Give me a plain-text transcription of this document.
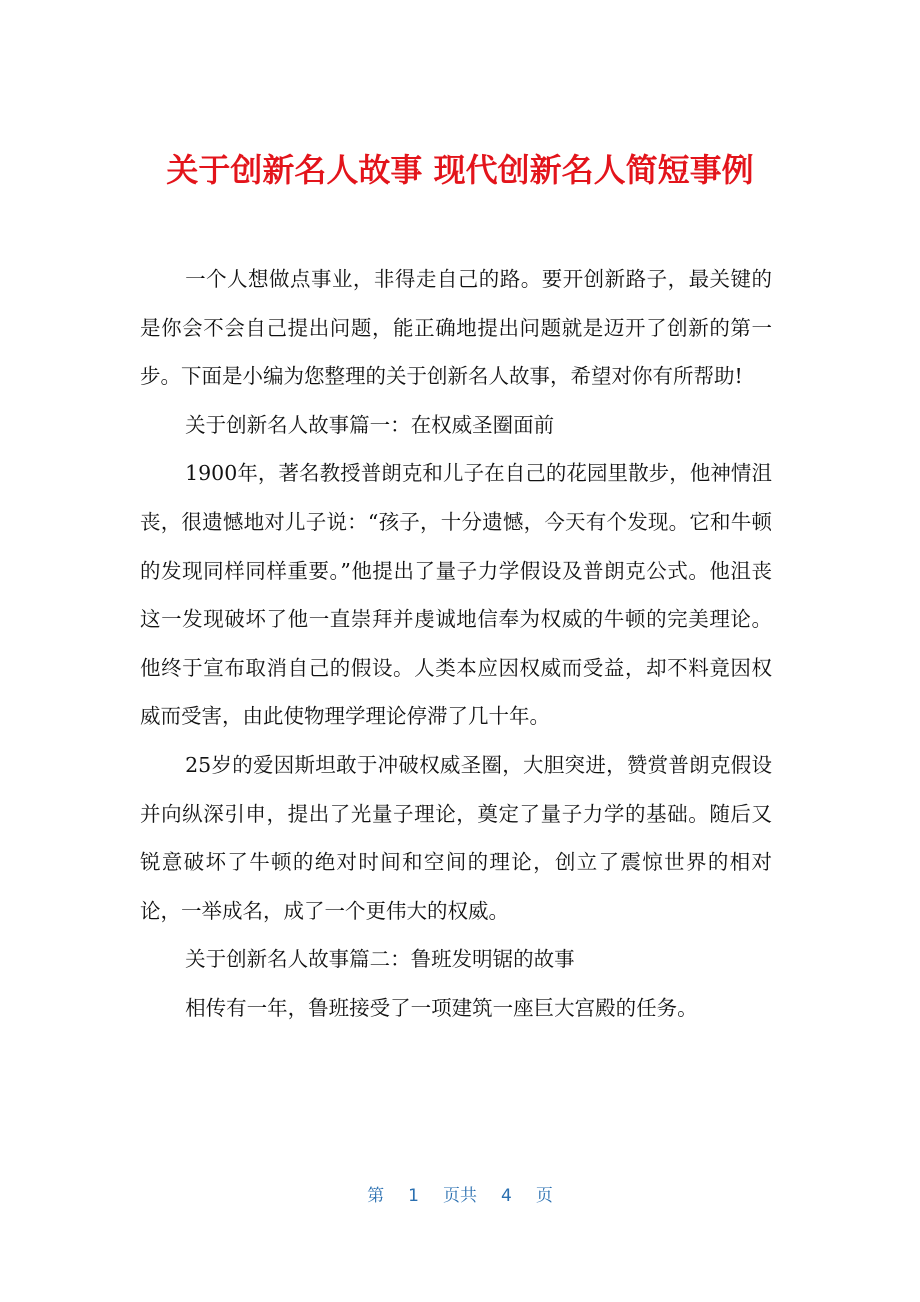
关于创新名人故事 现代创新名人简短事例

一个人想做点事业，非得走自己的路。要开创新路子，最关键的是你会不会自己提出问题，能正确地提出问题就是迈开了创新的第一步。下面是小编为您整理的关于创新名人故事，希望对你有所帮助!

关于创新名人故事篇一：在权威圣圈面前

1900年，著名教授普朗克和儿子在自己的花园里散步，他神情沮丧，很遗憾地对儿子说：“孩子，十分遗憾，今天有个发现。它和牛顿的发现同样同样重要。”他提出了量子力学假设及普朗克公式。他沮丧这一发现破坏了他一直崇拜并虔诚地信奉为权威的牛顿的完美理论。他终于宣布取消自己的假设。人类本应因权威而受益，却不料竟因权威而受害，由此使物理学理论停滞了几十年。

25岁的爱因斯坦敢于冲破权威圣圈，大胆突进，赞赏普朗克假设并向纵深引申，提出了光量子理论，奠定了量子力学的基础。随后又锐意破坏了牛顿的绝对时间和空间的理论，创立了震惊世界的相对论，一举成名，成了一个更伟大的权威。

关于创新名人故事篇二：鲁班发明锯的故事

相传有一年，鲁班接受了一项建筑一座巨大宫殿的任务。

第 1 页共 4 页
